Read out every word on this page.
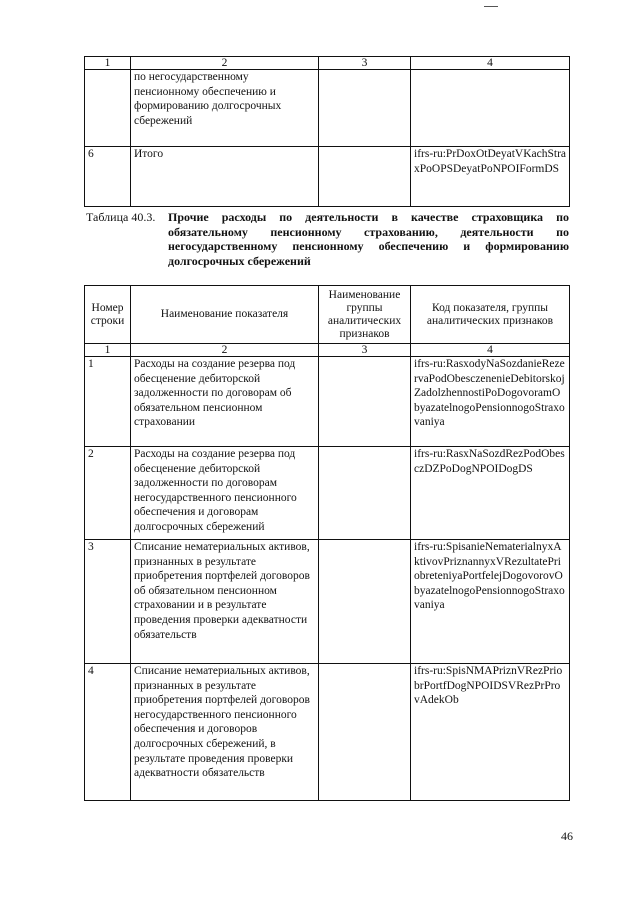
1	2	3	4
	по негосударственному пенсионному обеспечению и формированию долгосрочных сбережений		
6	Итого		ifrs-ru:PrDoxOtDeyatVKachStraxPoOPSDeyatPoNPOIFormDS
Таблица 40.3. Прочие расходы по деятельности в качестве страховщика по обязательному пенсионному страхованию, деятельности по негосударственному пенсионному обеспечению и формированию долгосрочных сбережений
Номер строки	Наименование показателя	Наименование группы аналитических признаков	Код показателя, группы аналитических признаков
1	2	3	4
1	Расходы на создание резерва под обесценение дебиторской задолженности по договорам об обязательном пенсионном страховании		ifrs-ru:RasxodyNaSozdanieRezervaPodObesczenenieDebitorskojZadolzhennostiPoDogovoramObyazatelnogoPensionnogoStraxovaniya
2	Расходы на создание резерва под обесценение дебиторской задолженности по договорам негосударственного пенсионного обеспечения и договорам долгосрочных сбережений		ifrs-ru:RasxNaSozdRezPodObesczDZPoDogNPOIDogDS
3	Списание нематериальных активов, признанных в результате приобретения портфелей договоров об обязательном пенсионном страховании и в результате проведения проверки адекватности обязательств		ifrs-ru:SpisanieNematerialnyxAktivovPriznannyxVRezultatePriobreteniyaPortfelejDogovorovObyazatelnogoPensionnogoStraxovaniya
4	Списание нематериальных активов, признанных в результате приобретения портфелей договоров негосударственного пенсионного обеспечения и договоров долгосрочных сбережений, в результате проведения проверки адекватности обязательств		ifrs-ru:SpisNMAPriznVRezPriobrPortfDogNPOIDSVRezPrProvAdekOb
46
